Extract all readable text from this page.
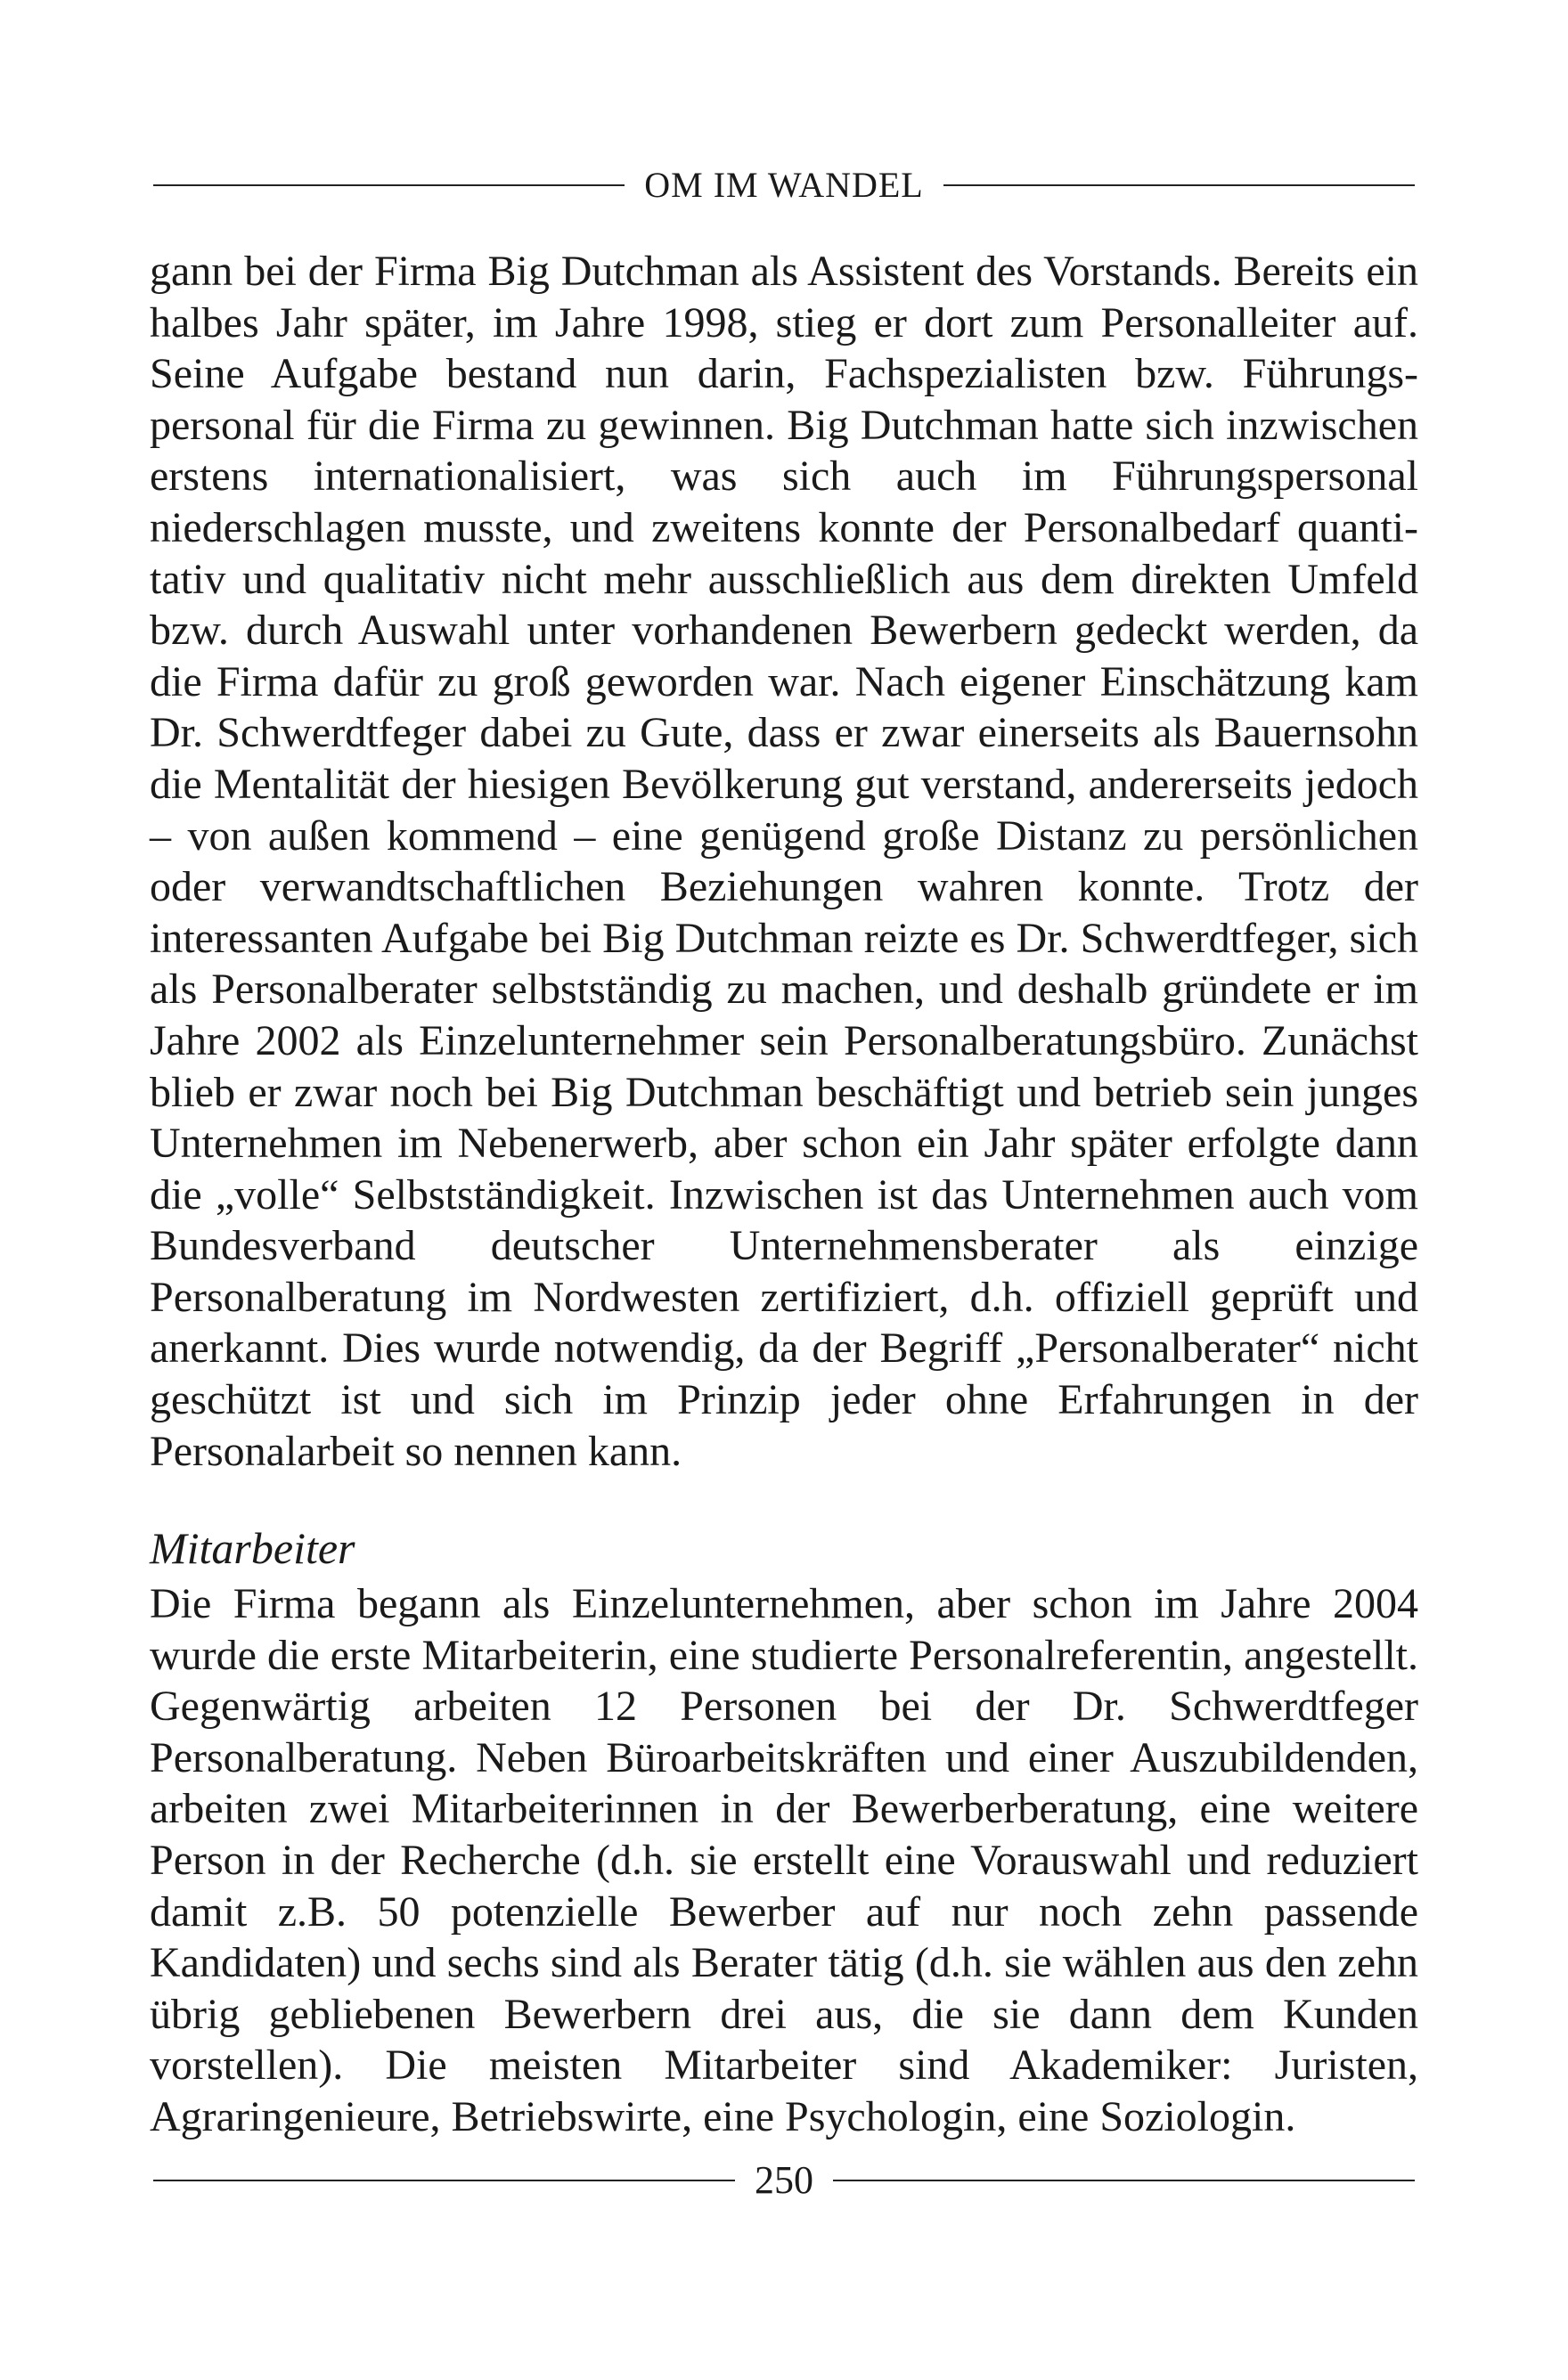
OM IM WANDEL

gann bei der Firma Big Dutchman als Assistent des Vorstands. Bereits ein halbes Jahr später, im Jahre 1998, stieg er dort zum Personalleiter auf. Seine Aufgabe bestand nun darin, Fachspezialisten bzw. Führungspersonal für die Firma zu gewinnen. Big Dutchman hatte sich inzwischen erstens internationalisiert, was sich auch im Führungspersonal niederschlagen musste, und zweitens konnte der Personalbedarf quantitativ und qualitativ nicht mehr ausschließlich aus dem direkten Umfeld bzw. durch Auswahl unter vorhandenen Bewerbern gedeckt werden, da die Firma dafür zu groß geworden war. Nach eigener Einschätzung kam Dr. Schwerdtfeger dabei zu Gute, dass er zwar einerseits als Bauernsohn die Mentalität der hiesigen Bevölkerung gut verstand, andererseits jedoch – von außen kommend – eine genügend große Distanz zu persönlichen oder verwandtschaftlichen Beziehungen wahren konnte. Trotz der interessanten Aufgabe bei Big Dutchman reizte es Dr. Schwerdtfeger, sich als Personalberater selbstständig zu machen, und deshalb gründete er im Jahre 2002 als Einzelunternehmer sein Personalberatungsbüro. Zunächst blieb er zwar noch bei Big Dutchman beschäftigt und betrieb sein junges Unternehmen im Nebenerwerb, aber schon ein Jahr später erfolgte dann die „volle“ Selbstständigkeit. Inzwischen ist das Unternehmen auch vom Bundesverband deutscher Unternehmensberater als einzige Personalberatung im Nordwesten zertifiziert, d.h. offiziell geprüft und anerkannt. Dies wurde notwendig, da der Begriff „Personalberater“ nicht geschützt ist und sich im Prinzip jeder ohne Erfahrungen in der Personalarbeit so nennen kann.

Mitarbeiter

Die Firma begann als Einzelunternehmen, aber schon im Jahre 2004 wurde die erste Mitarbeiterin, eine studierte Personalreferentin, angestellt. Gegenwärtig arbeiten 12 Personen bei der Dr. Schwerdtfeger Personalberatung. Neben Büroarbeitskräften und einer Auszubildenden, arbeiten zwei Mitarbeiterinnen in der Bewerberberatung, eine weitere Person in der Recherche (d.h. sie erstellt eine Vorauswahl und reduziert damit z.B. 50 potenzielle Bewerber auf nur noch zehn passende Kandidaten) und sechs sind als Berater tätig (d.h. sie wählen aus den zehn übrig gebliebenen Bewerbern drei aus, die sie dann dem Kunden vorstellen). Die meisten Mitarbeiter sind Akademiker: Juristen, Agraringenieure, Betriebswirte, eine Psychologin, eine Soziologin.

250
